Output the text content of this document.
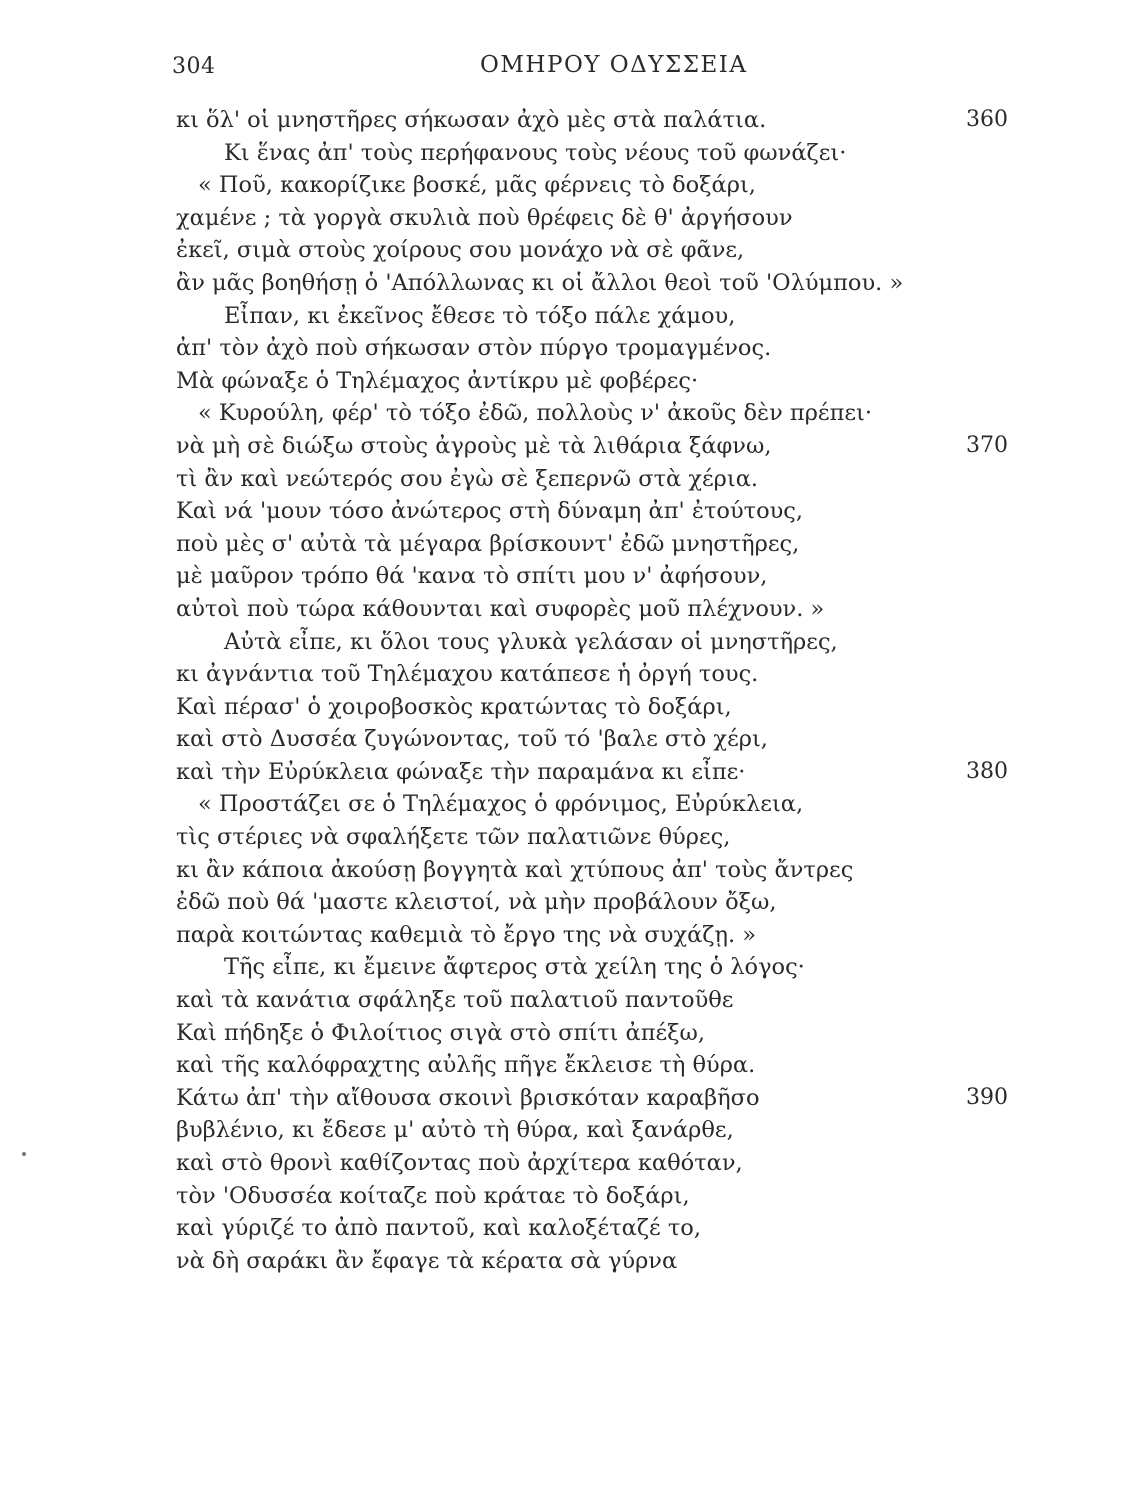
304	ΟΜΗΡΟΥ ΟΔΥΣΣΕΙΑ
κι ὅλ' οἱ μνηστῆρες σήκωσαν ἀχὸ μὲς στὰ παλάτια.	360
Κι ἕνας ἀπ' τοὺς περήφανους τοὺς νέους τοῦ φωνάζει·
« Ποῦ, κακορίζικε βοσκέ, μᾶς φέρνεις τὸ δοξάρι,
χαμένε ; τὰ γοργὰ σκυλιὰ ποὺ θρέφεις δὲ θ' ἀργήσουν
ἐκεῖ, σιμὰ στοὺς χοίρους σου μονάχο νὰ σὲ φᾶνε,
ἂν μᾶς βοηθήσῃ ὁ 'Απόλλωνας κι οἱ ἄλλοι θεοὶ τοῦ 'Ολύμπου. »
Εἶπαν, κι ἐκεῖνος ἔθεσε τὸ τόξο πάλε χάμου,
ἀπ' τὸν ἀχὸ ποὺ σήκωσαν στὸν πύργο τρομαγμένος.
Μὰ φώναξε ὁ Τηλέμαχος ἀντίκρυ μὲ φοβέρες·
« Κυρούλη, φέρ' τὸ τόξο ἐδῶ, πολλοὺς ν' ἀκοῦς δὲν πρέπει·
νὰ μὴ σὲ διώξω στοὺς ἀγροὺς μὲ τὰ λιθάρια ξάφνω,	370
τὶ ἂν καὶ νεώτερός σου ἐγὼ σὲ ξεπερνῶ στὰ χέρια.
Καὶ νά 'μουν τόσο ἀνώτερος στὴ δύναμη ἀπ' ἐτούτους,
ποὺ μὲς σ' αὐτὰ τὰ μέγαρα βρίσκουντ' ἐδῶ μνηστῆρες,
μὲ μαῦρον τρόπο θά 'κανα τὸ σπίτι μου ν' ἀφήσουν,
αὐτοὶ ποὺ τώρα κάθουνται καὶ συφορὲς μοῦ πλέχνουν. »
Αὐτὰ εἶπε, κι ὅλοι τους γλυκὰ γελάσαν οἱ μνηστῆρες,
κι ἀγνάντια τοῦ Τηλέμαχου κατάπεσε ἡ ὀργή τους.
Καὶ πέρασ' ὁ χοιροβοσκὸς κρατώντας τὸ δοξάρι,
καὶ στὸ Δυσσέα ζυγώνοντας, τοῦ τό 'βαλε στὸ χέρι,
καὶ τὴν Εὐρύκλεια φώναξε τὴν παραμάνα κι εἶπε·	380
« Προστάζει σε ὁ Τηλέμαχος ὁ φρόνιμος, Εὐρύκλεια,
τὶς στέριες νὰ σφαλήξετε τῶν παλατιῶνε θύρες,
κι ἂν κάποια ἀκούσῃ βογγητὰ καὶ χτύπους ἀπ' τοὺς ἄντρες
ἐδῶ ποὺ θά 'μαστε κλειστοί, νὰ μὴν προβάλουν ὄξω,
παρὰ κοιτώντας καθεμιὰ τὸ ἔργο της νὰ συχάζῃ. »
Τῆς εἶπε, κι ἔμεινε ἄφτερος στὰ χείλη της ὁ λόγος·
καὶ τὰ κανάτια σφάληξε τοῦ παλατιοῦ παντοῦθε
Καὶ πήδηξε ὁ Φιλοίτιος σιγὰ στὸ σπίτι ἀπέξω,
καὶ τῆς καλόφραχτης αὐλῆς πῆγε ἔκλεισε τὴ θύρα.
Κάτω ἀπ' τὴν αἴθουσα σκοινὶ βρισκόταν καραβῆσο	390
βυβλένιο, κι ἔδεσε μ' αὐτὸ τὴ θύρα, καὶ ξανάρθε,
καὶ στὸ θρονὶ καθίζοντας ποὺ ἀρχίτερα καθόταν,
τὸν 'Οδυσσέα κοίταζε ποὺ κράταε τὸ δοξάρι,
καὶ γύριζέ το ἀπὸ παντοῦ, καὶ καλοξέταζέ το,
νὰ δὴ σαράκι ἂν ἔφαγε τὰ κέρατα σὰ γύρνα
